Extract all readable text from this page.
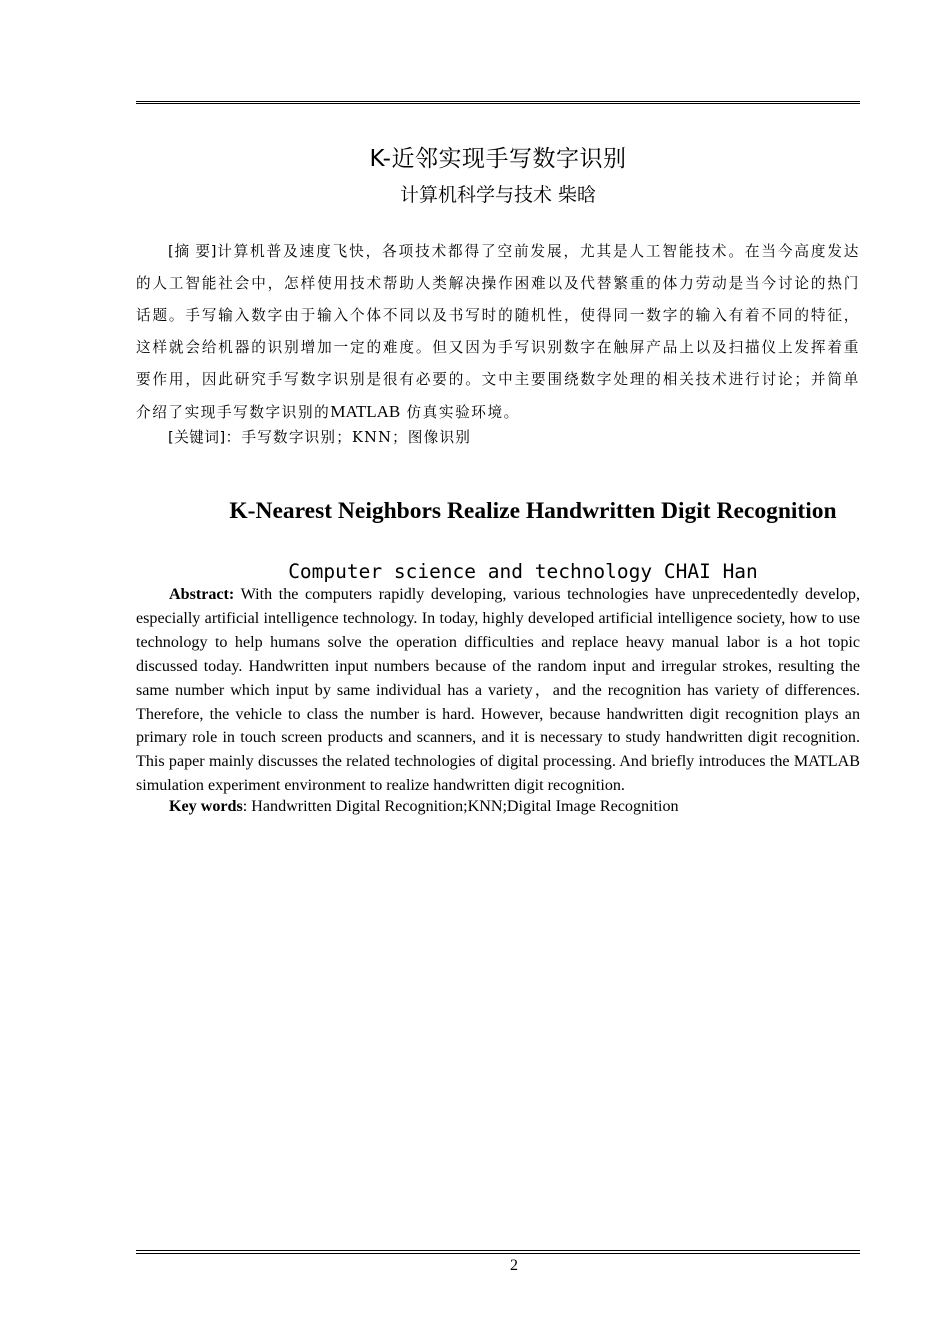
K-近邻实现手写数字识别
计算机科学与技术 柴晗

[摘 要]计算机普及速度飞快，各项技术都得了空前发展，尤其是人工智能技术。在当今高度发达的人工智能社会中，怎样使用技术帮助人类解决操作困难以及代替繁重的体力劳动是当今讨论的热门话题。手写输入数字由于输入个体不同以及书写时的随机性，使得同一数字的输入有着不同的特征，这样就会给机器的识别增加一定的难度。但又因为手写识别数字在触屏产品上以及扫描仪上发挥着重要作用，因此研究手写数字识别是很有必要的。文中主要围绕数字处理的相关技术进行讨论；并简单介绍了实现手写数字识别的MATLAB 仿真实验环境。

[关键词]：手写数字识别；KNN；图像识别

K-Nearest Neighbors Realize Handwritten Digit Recognition
Computer science and technology CHAI Han

Abstract: With the computers rapidly developing, various technologies have unprecedentedly develop, especially artificial intelligence technology. In today, highly developed artificial intelligence society, how to use technology to help humans solve the operation difficulties and replace heavy manual labor is a hot topic discussed today. Handwritten input numbers because of the random input and irregular strokes, resulting the same number which input by same individual has a variety，and the recognition has variety of differences. Therefore, the vehicle to class the number is hard. However, because handwritten digit recognition plays an primary role in touch screen products and scanners, and it is necessary to study handwritten digit recognition. This paper mainly discusses the related technologies of digital processing. And briefly introduces the MATLAB simulation experiment environment to realize handwritten digit recognition.

Key words: Handwritten Digital Recognition;KNN;Digital Image Recognition

2
